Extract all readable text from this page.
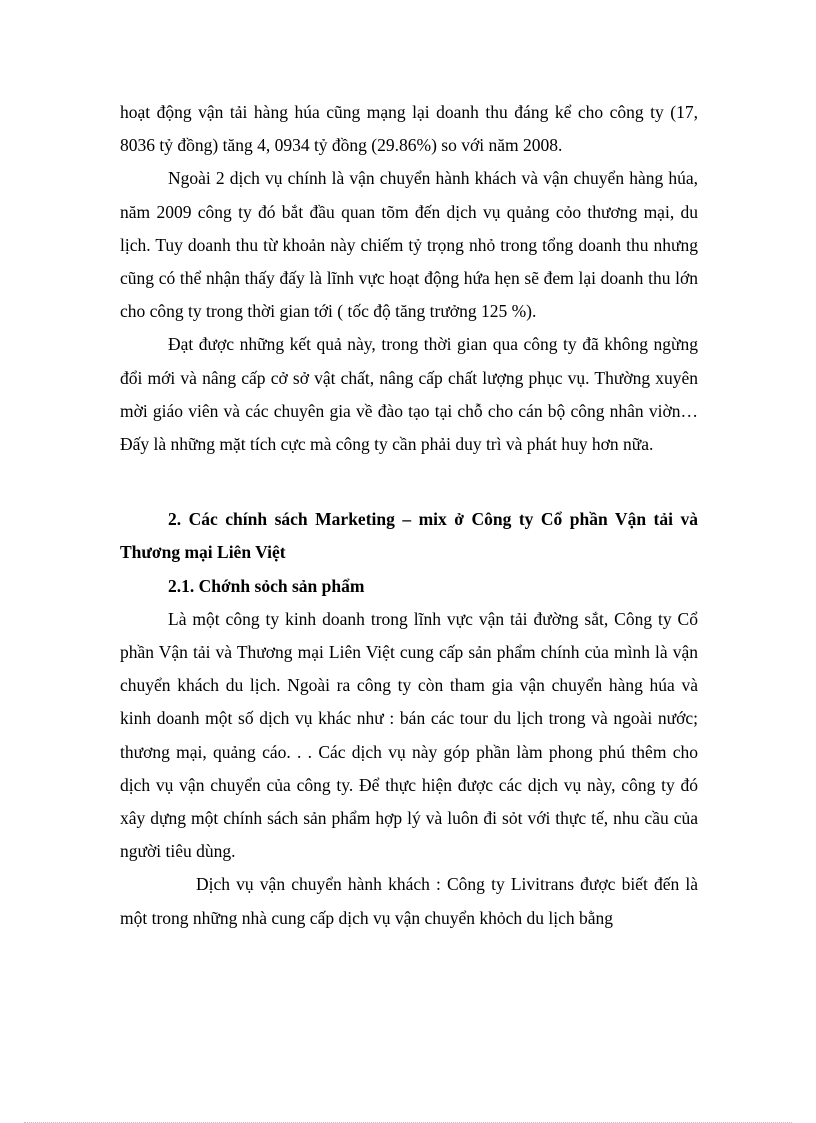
hoạt động vận tải hàng húa cũng mạng lại doanh thu đáng kể cho công ty (17, 8036 tỷ đồng) tăng 4, 0934 tỷ đồng (29.86%) so với năm 2008.

Ngoài 2 dịch vụ chính là vận chuyển hành khách và vận chuyển hàng húa, năm 2009 công ty đó bắt đầu quan tõm đến dịch vụ quảng cỏo thương mại, du lịch. Tuy doanh thu từ khoản này chiếm tỷ trọng nhỏ trong tổng doanh thu nhưng cũng có thể nhận thấy đấy là lĩnh vực hoạt động hứa hẹn sẽ đem lại doanh thu lớn cho công ty trong thời gian tới ( tốc độ tăng trưởng 125 %).

Đạt được những kết quả này, trong thời gian qua công ty đã không ngừng đổi mới và nâng cấp cở sở vật chất, nâng cấp chất lượng phục vụ. Thường xuyên mời giáo viên và các chuyên gia về đào tạo tại chỗ cho cán bộ công nhân viờn…Đấy là những mặt tích cực mà công ty cần phải duy trì và phát huy hơn nữa.

2. Các chính sách Marketing – mix ở Công ty Cổ phần Vận tải và Thương mại Liên Việt

2.1. Chớnh sỏch sản phẩm

Là một công ty kinh doanh trong lĩnh vực vận tải đường sắt, Công ty Cổ phần Vận tải và Thương mại Liên Việt cung cấp sản phẩm chính của mình là vận chuyển khách du lịch. Ngoài ra công ty còn tham gia vận chuyển hàng húa và kinh doanh một số dịch vụ khác như : bán các tour du lịch trong và ngoài nước; thương mại, quảng cáo. . . Các dịch vụ này góp phần làm phong phú thêm cho dịch vụ vận chuyển của công ty. Để thực hiện được các dịch vụ này, công ty đó xây dựng một chính sách sản phẩm hợp lý và luôn đi sỏt với thực tế, nhu cầu của người tiêu dùng.

Dịch vụ vận chuyển hành khách : Công ty Livitrans được biết đến là một trong những nhà cung cấp dịch vụ vận chuyển khỏch du lịch bằng
